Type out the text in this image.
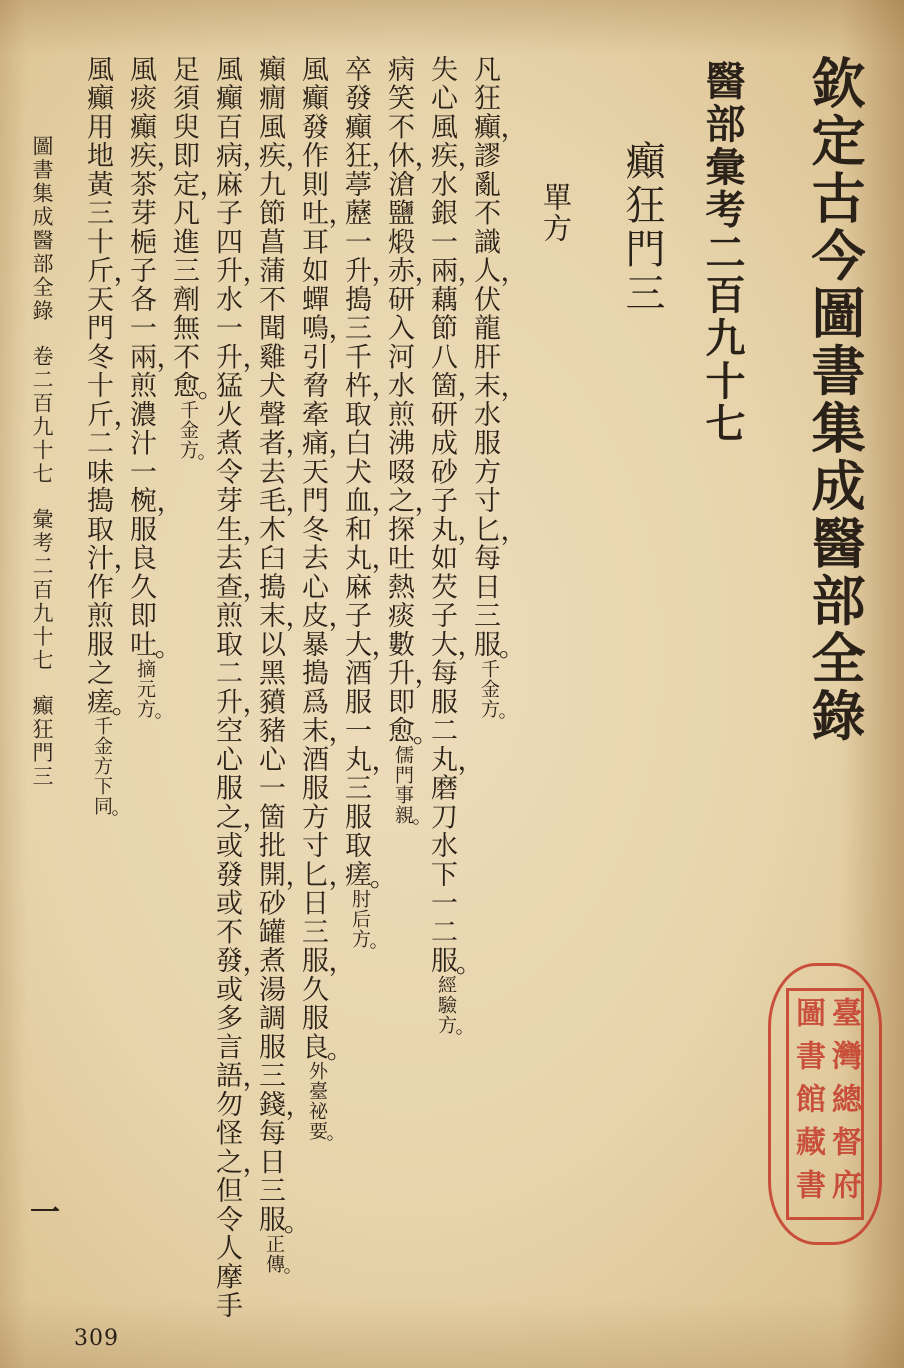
欽定古今圖書集成醫部全錄
醫部彙考二百九十七
癲狂門三
單方
凡狂癲謬亂不識人伏龍肝末水服方寸匕每日三服千金方
失心風疾水銀一兩藕節八箇研成砂子丸如芡子大每服二丸磨刀水下一二服經驗方
病笑不休滄鹽煅赤研入河水煎沸啜之探吐熱痰數升即愈儒門事親
卒發癲狂葶藶一升搗三千杵取白犬血和丸麻子大酒服一丸三服取瘥肘后方
風癲發作則吐耳如蟬鳴引脅牽痛天門冬去心皮暴搗爲末酒服方寸匕日三服久服良外臺祕要
癲癇風疾九節菖蒲不聞雞犬聲者去毛木臼搗末以黑豶豬心一箇批開砂罐煮湯調服三錢每日三服正傳
風癲百病麻子四升水一升猛火煮令芽生去查煎取二升空心服之或發或不發或多言語勿怪之但令人摩手
足須臾即定凡進三劑無不愈千金方
風痰癲疾茶芽梔子各一兩煎濃汁一椀服良久即吐摘元方
風癲用地黃三十斤天門冬十斤二味搗取汁作煎服之瘥千金方下同
圖書集成醫部全錄卷二百九十七彙考二百九十七癲狂門三
一
309
臺灣總督府
圖書館藏書
